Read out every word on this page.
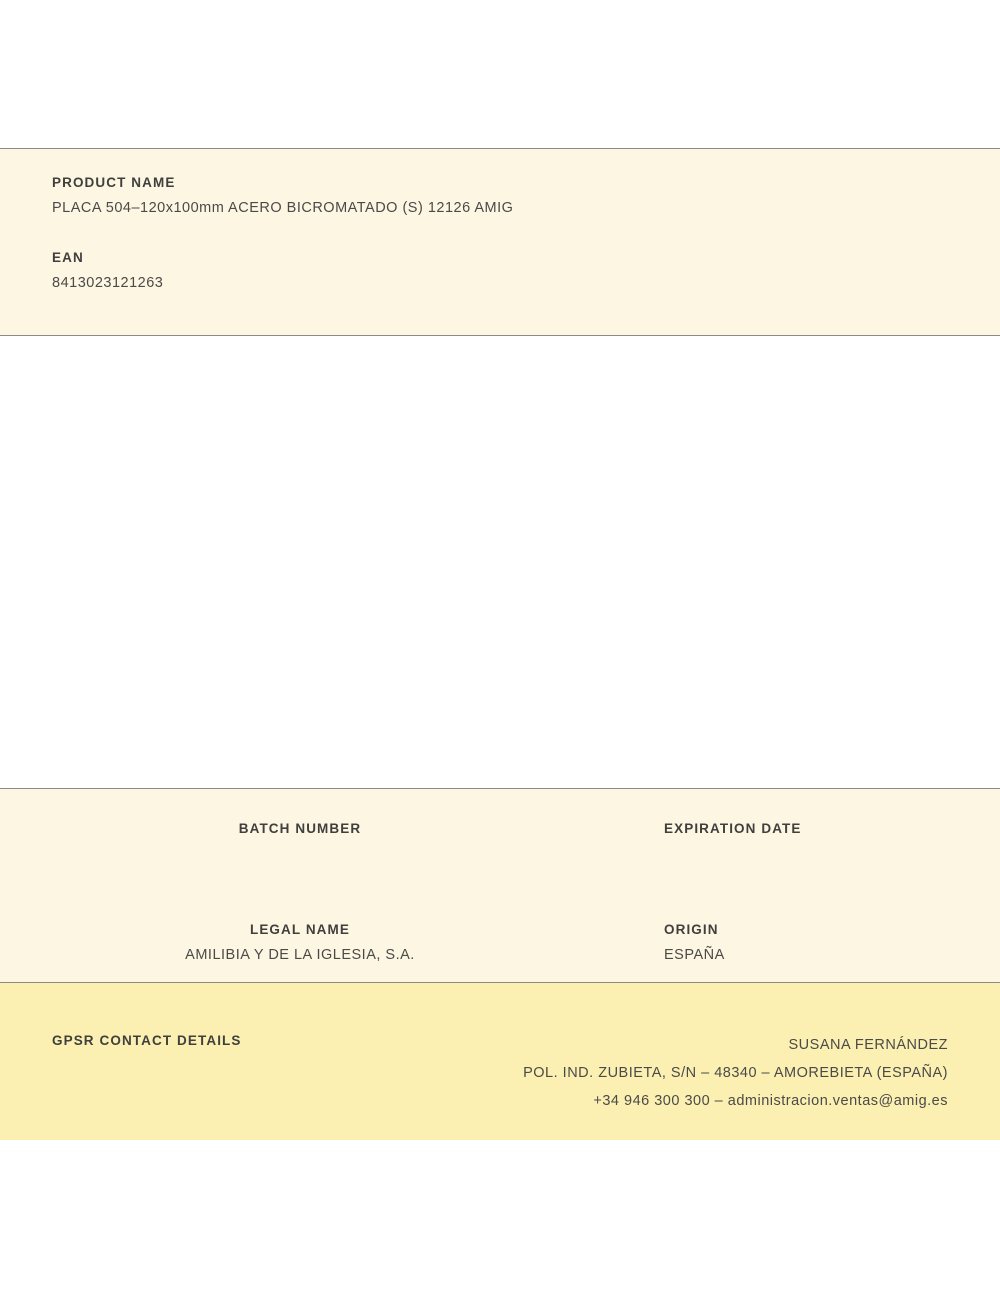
PRODUCT NAME
PLACA 504–120x100mm ACERO BICROMATADO (S) 12126 AMIG
EAN
8413023121263
BATCH NUMBER	EXPIRATION DATE
LEGAL NAME
AMILIBIA Y DE LA IGLESIA, S.A.
ORIGIN
ESPAÑA
GPSR CONTACT DETAILS	SUSANA FERNÁNDEZ
POL. IND. ZUBIETA, S/N – 48340 – AMOREBIETA (ESPAÑA)
+34 946 300 300 – administracion.ventas@amig.es
